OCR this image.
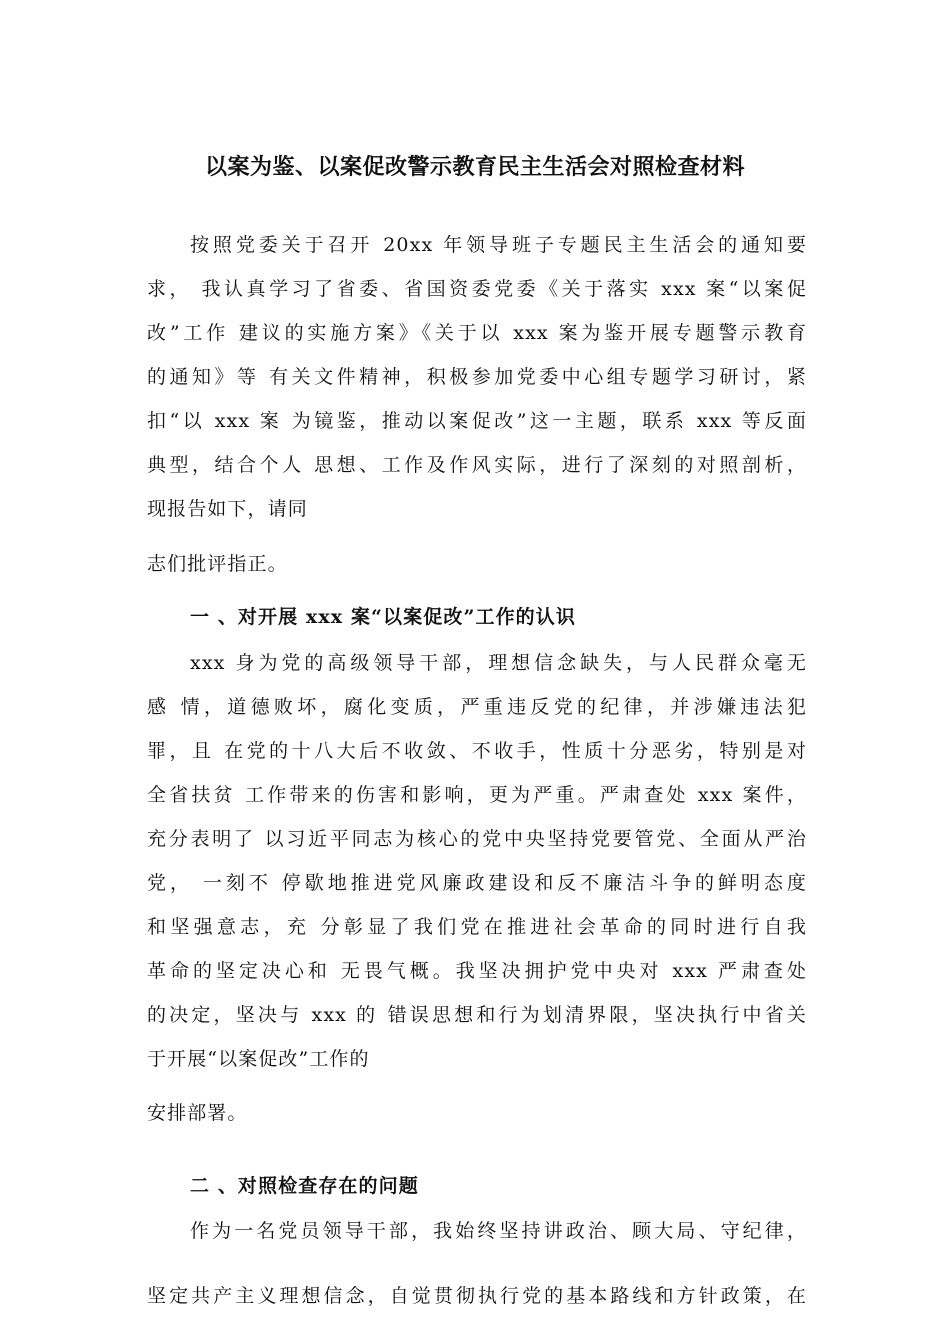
以案为鉴、以案促改警示教育民主生活会对照检查材料
按照党委关于召开 20xx 年领导班子专题民主生活会的通知要
求， 我认真学习了省委、省国资委党委《关于落实 xxx 案“以案促
改”工作 建议的实施方案》《关于以 xxx 案为鉴开展专题警示教育
的通知》等 有关文件精神，积极参加党委中心组专题学习研讨，紧
扣“以 xxx 案 为镜鉴，推动以案促改”这一主题，联系 xxx 等反面
典型，结合个人 思想、工作及作风实际，进行了深刻的对照剖析，
现报告如下，请同
志们批评指正。
一 、对开展 xxx 案“以案促改”工作的认识
xxx 身为党的高级领导干部，理想信念缺失，与人民群众毫无
感 情，道德败坏，腐化变质，严重违反党的纪律，并涉嫌违法犯
罪，且 在党的十八大后不收敛、不收手，性质十分恶劣，特别是对
全省扶贫 工作带来的伤害和影响，更为严重。严肃查处 xxx 案件，
充分表明了 以习近平同志为核心的党中央坚持党要管党、全面从严治
党， 一刻不 停歇地推进党风廉政建设和反不廉洁斗争的鲜明态度
和坚强意志，充 分彰显了我们党在推进社会革命的同时进行自我
革命的坚定决心和 无畏气概。我坚决拥护党中央对 xxx 严肃查处
的决定，坚决与 xxx 的 错误思想和行为划清界限，坚决执行中省关
于开展“以案促改”工作的
安排部署。
二 、对照检查存在的问题
作为一名党员领导干部，我始终坚持讲政治、顾大局、守纪律，
坚定共产主义理想信念，自觉贯彻执行党的基本路线和方针政策，在
